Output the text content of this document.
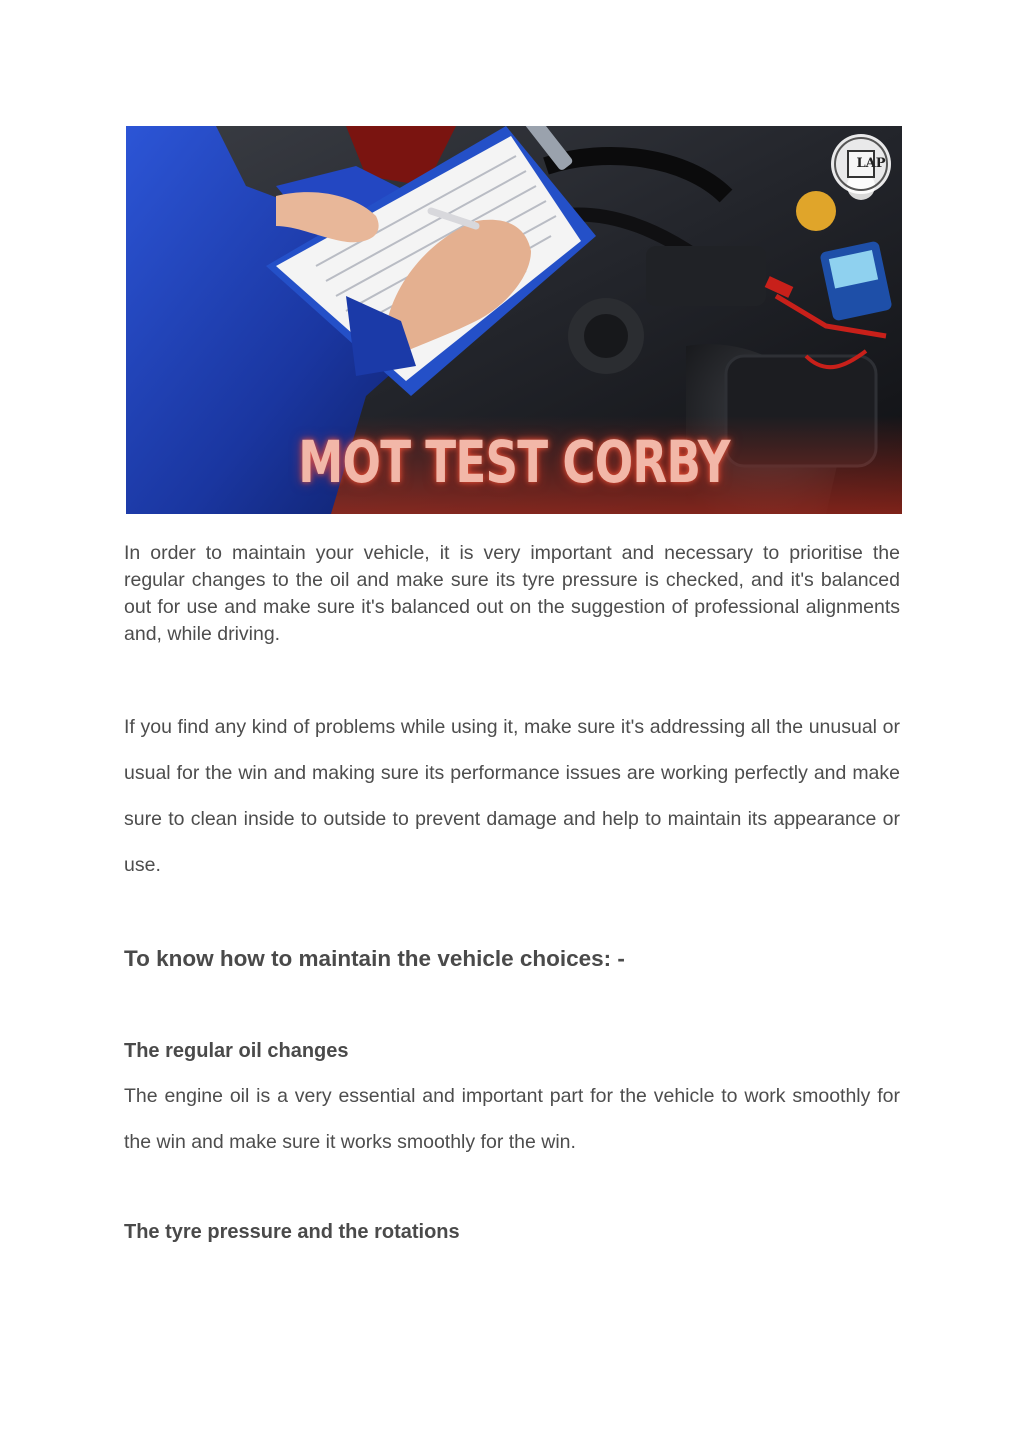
MOT TEST CORBY
LAP

In order to maintain your vehicle, it is very important and necessary to prioritise the regular changes to the oil and make sure its tyre pressure is checked, and it's balanced out for use and make sure it's balanced out on the suggestion of professional alignments and, while driving.

If you find any kind of problems while using it, make sure it's addressing all the unusual or usual for the win and making sure its performance issues are working perfectly and make sure to clean inside to outside to prevent damage and help to maintain its appearance or use.

To know how to maintain the vehicle choices: -
The regular oil changes

The engine oil is a very essential and important part for the vehicle to work smoothly for the win and make sure it works smoothly for the win.

The tyre pressure and the rotations
